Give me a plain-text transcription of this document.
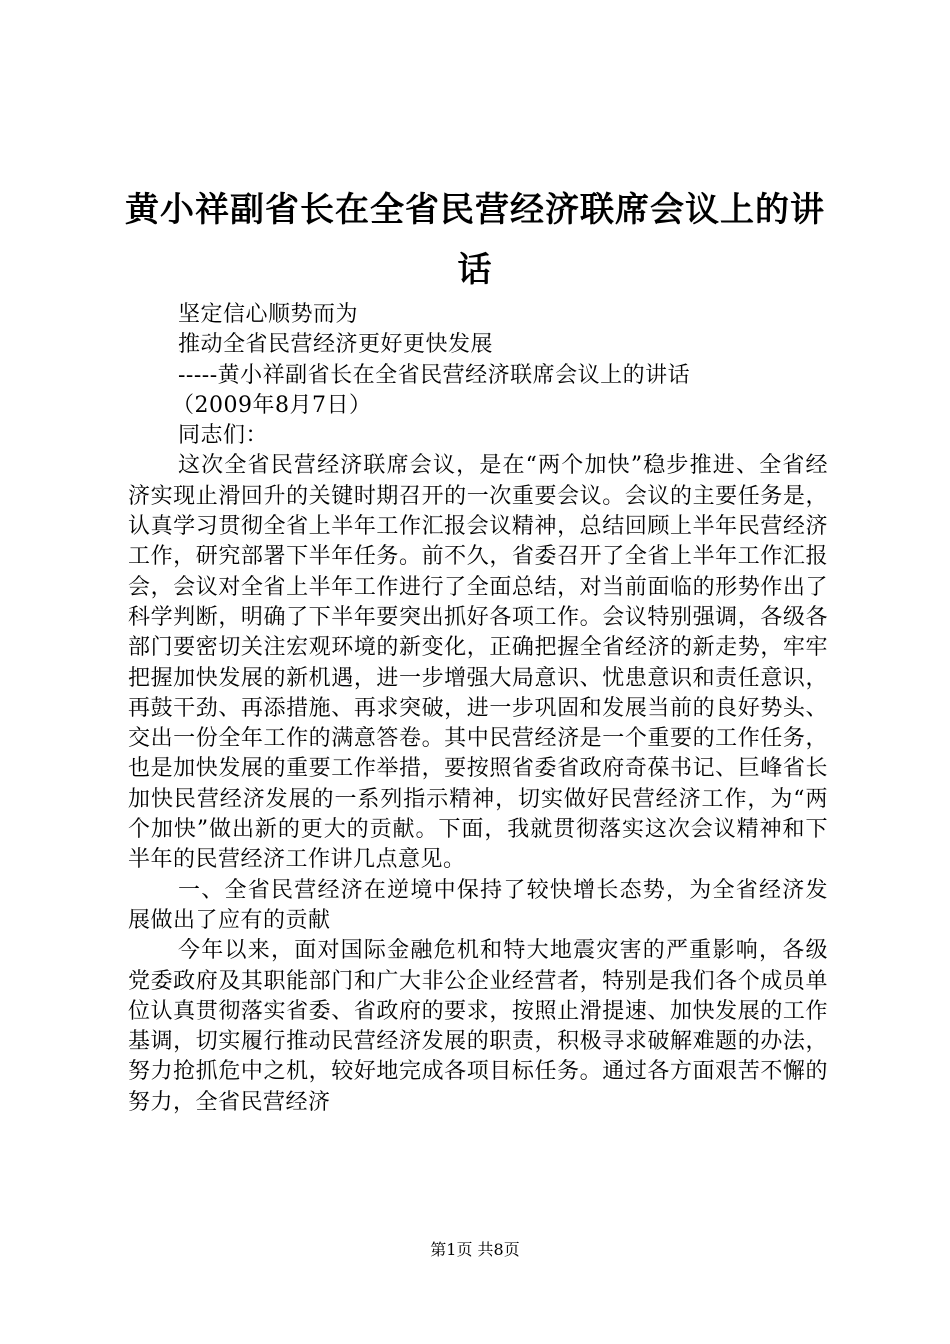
黄小祥副省长在全省民营经济联席会议上的讲话

坚定信心顺势而为

推动全省民营经济更好更快发展

-----黄小祥副省长在全省民营经济联席会议上的讲话

（2009年8月7日）

同志们：

这次全省民营经济联席会议，是在“两个加快”稳步推进、全省经济实现止滑回升的关键时期召开的一次重要会议。会议的主要任务是，认真学习贯彻全省上半年工作汇报会议精神，总结回顾上半年民营经济工作，研究部署下半年任务。前不久，省委召开了全省上半年工作汇报会，会议对全省上半年工作进行了全面总结，对当前面临的形势作出了科学判断，明确了下半年要突出抓好各项工作。会议特别强调，各级各部门要密切关注宏观环境的新变化，正确把握全省经济的新走势，牢牢把握加快发展的新机遇，进一步增强大局意识、忧患意识和责任意识，再鼓干劲、再添措施、再求突破，进一步巩固和发展当前的良好势头、交出一份全年工作的满意答卷。其中民营经济是一个重要的工作任务，也是加快发展的重要工作举措，要按照省委省政府奇葆书记、巨峰省长加快民营经济发展的一系列指示精神，切实做好民营经济工作，为“两个加快”做出新的更大的贡献。下面，我就贯彻落实这次会议精神和下半年的民营经济工作讲几点意见。

一、全省民营经济在逆境中保持了较快增长态势，为全省经济发展做出了应有的贡献

今年以来，面对国际金融危机和特大地震灾害的严重影响，各级党委政府及其职能部门和广大非公企业经营者，特别是我们各个成员单位认真贯彻落实省委、省政府的要求，按照止滑提速、加快发展的工作基调，切实履行推动民营经济发展的职责，积极寻求破解难题的办法，努力抢抓危中之机，较好地完成各项目标任务。通过各方面艰苦不懈的努力，全省民营经济

第1页 共8页
